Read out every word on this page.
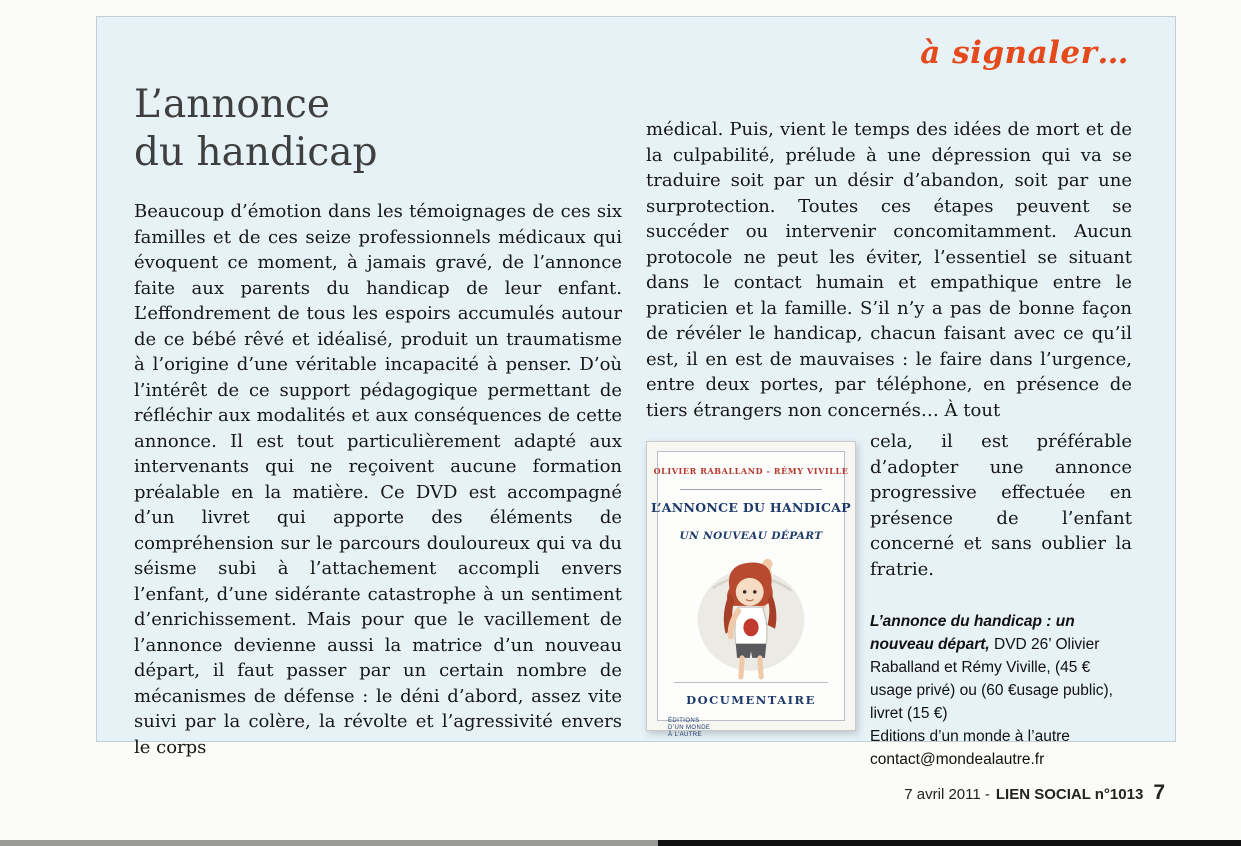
à signaler…
L’annonce
du handicap
Beaucoup d’émotion dans les témoignages de ces six familles et de ces seize professionnels médicaux qui évoquent ce moment, à jamais gravé, de l’annonce faite aux parents du handicap de leur enfant. L’effondrement de tous les espoirs accumulés autour de ce bébé rêvé et idéalisé, produit un traumatisme à l’origine d’une véritable incapacité à penser. D’où l’intérêt de ce support pédagogique permettant de réfléchir aux modalités et aux conséquences de cette annonce. Il est tout particulièrement adapté aux intervenants qui ne reçoivent aucune formation préalable en la matière. Ce DVD est accompagné d’un livret qui apporte des éléments de compréhension sur le parcours douloureux qui va du séisme subi à l’attachement accompli envers l’enfant, d’une sidérante catastrophe à un sentiment d’enrichissement. Mais pour que le vacillement de l’annonce devienne aussi la matrice d’un nouveau départ, il faut passer par un certain nombre de mécanismes de défense : le déni d’abord, assez vite suivi par la colère, la révolte et l’agressivité envers le corps
médical. Puis, vient le temps des idées de mort et de la culpabilité, prélude à une dépression qui va se traduire soit par un désir d’abandon, soit par une surprotection. Toutes ces étapes peuvent se succéder ou intervenir concomitamment. Aucun protocole ne peut les éviter, l’essentiel se situant dans le contact humain et empathique entre le praticien et la famille. S’il n’y a pas de bonne façon de révéler le handicap, chacun faisant avec ce qu’il est, il en est de mauvaises : le faire dans l’urgence, entre deux portes, par téléphone, en présence de tiers étrangers non concernés… À tout
OLIVIER RABALLAND - RÉMY VIVILLE
L’ANNONCE DU HANDICAP
UN NOUVEAU DÉPART
DOCUMENTAIRE
ÉDITIONS
D’UN MONDE
À L’AUTRE
cela, il est préférable d’adopter une annonce progressive effectuée en présence de l’enfant concerné et sans oublier la fratrie.
L’annonce du handicap : un nouveau départ, DVD 26’ Olivier Raballand et Rémy Viville, (45 € usage privé) ou (60 €usage public), livret (15 €)
Editions d’un monde à l’autre
contact@mondealautre.fr
7 avril 2011 - LIEN SOCIAL n°1013 7
